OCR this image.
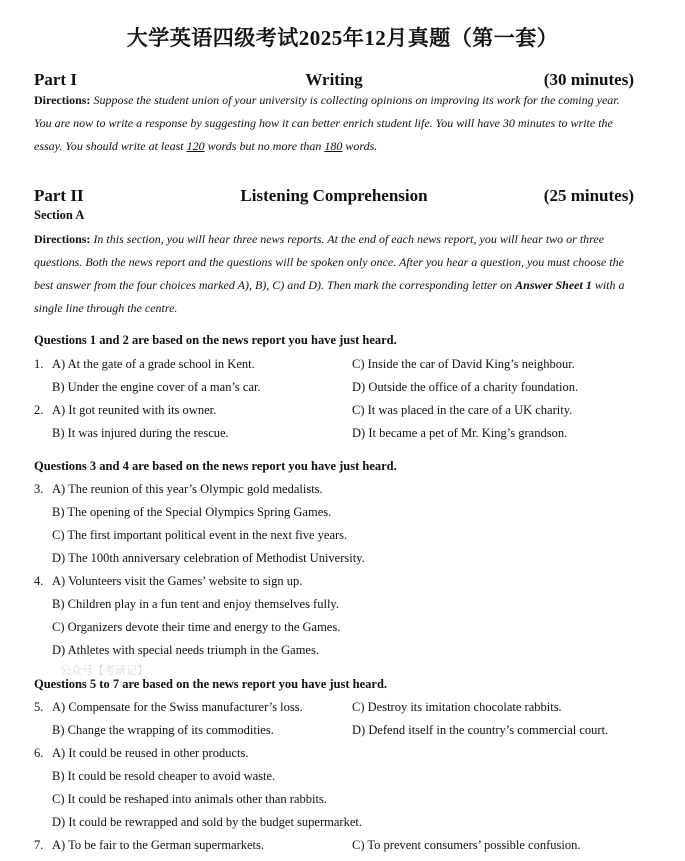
大学英语四级考试2025年12月真题（第一套）
Part I	Writing	(30 minutes)
Directions: Suppose the student union of your university is collecting opinions on improving its work for the coming year. You are now to write a response by suggesting how it can better enrich student life. You will have 30 minutes to write the essay. You should write at least 120 words but no more than 180 words.
Part II	Listening Comprehension	(25 minutes)
Section A
Directions: In this section, you will hear three news reports. At the end of each news report, you will hear two or three questions. Both the news report and the questions will be spoken only once. After you hear a question, you must choose the best answer from the four choices marked A), B), C) and D). Then mark the corresponding letter on Answer Sheet 1 with a single line through the centre.
Questions 1 and 2 are based on the news report you have just heard.
1. A) At the gate of a grade school in Kent.	C) Inside the car of David King’s neighbour.
B) Under the engine cover of a man’s car.	D) Outside the office of a charity foundation.
2. A) It got reunited with its owner.	C) It was placed in the care of a UK charity.
B) It was injured during the rescue.	D) It became a pet of Mr. King’s grandson.
Questions 3 and 4 are based on the news report you have just heard.
3. A) The reunion of this year’s Olympic gold medalists.
B) The opening of the Special Olympics Spring Games.
C) The first important political event in the next five years.
D) The 100th anniversary celebration of Methodist University.
4. A) Volunteers visit the Games’ website to sign up.
B) Children play in a fun tent and enjoy themselves fully.
C) Organizers devote their time and energy to the Games.
D) Athletes with special needs triumph in the Games.
公众号【考研记】
Questions 5 to 7 are based on the news report you have just heard.
5. A) Compensate for the Swiss manufacturer’s loss.	C) Destroy its imitation chocolate rabbits.
B) Change the wrapping of its commodities.	D) Defend itself in the country’s commercial court.
6. A) It could be reused in other products.
B) It could be resold cheaper to avoid waste.
C) It could be reshaped into animals other than rabbits.
D) It could be rewrapped and sold by the budget supermarket.
7. A) To be fair to the German supermarkets.	C) To prevent consumers’ possible confusion.
